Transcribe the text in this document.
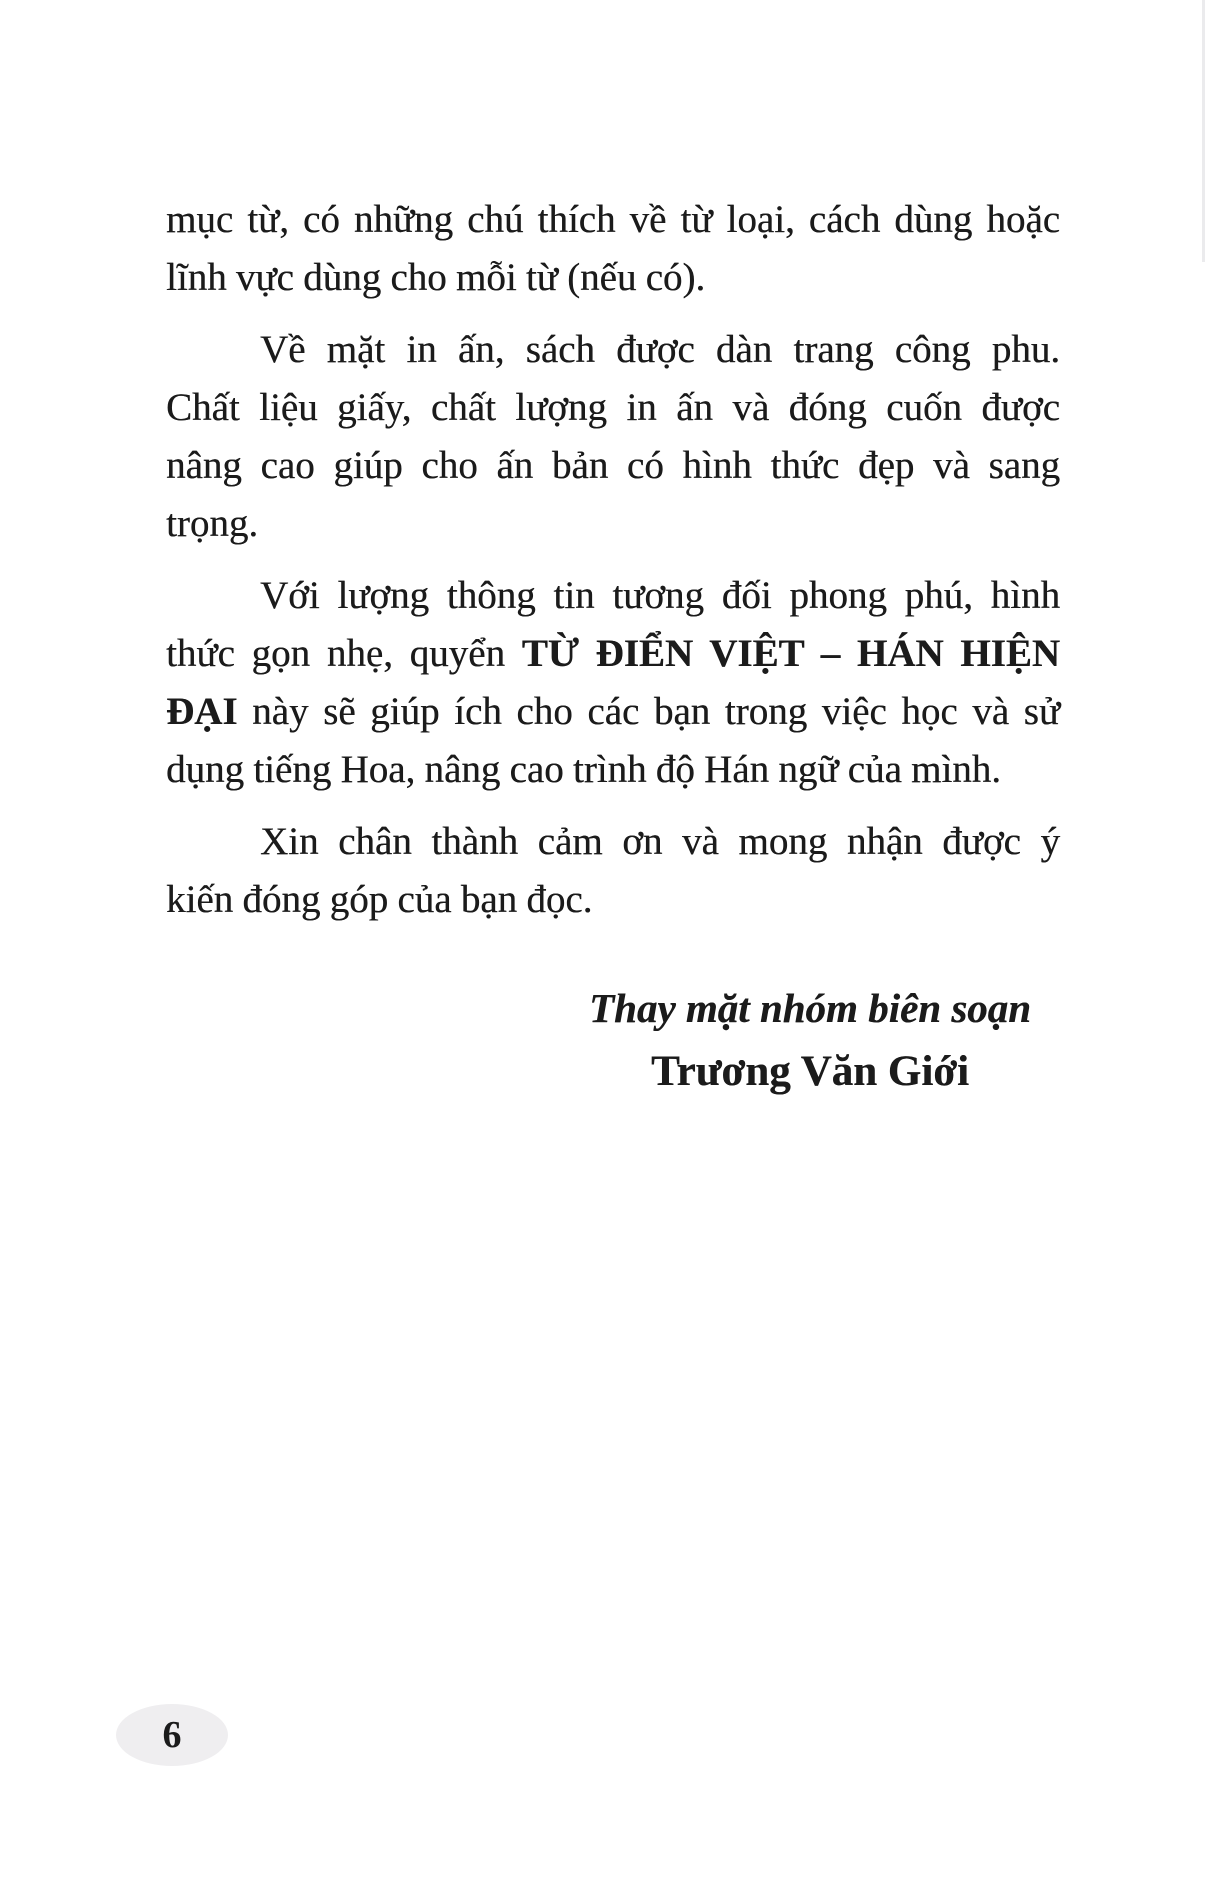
mục từ, có những chú thích về từ loại, cách dùng hoặc
lĩnh vực dùng cho mỗi từ (nếu có).
Về mặt in ấn, sách được dàn trang công phu.
Chất liệu giấy, chất lượng in ấn và đóng cuốn được
nâng cao giúp cho ấn bản có hình thức đẹp và sang
trọng.
Với lượng thông tin tương đối phong phú, hình
thức gọn nhẹ, quyển TỪ ĐIỂN VIỆT – HÁN HIỆN
ĐẠI này sẽ giúp ích cho các bạn trong việc học và sử
dụng tiếng Hoa, nâng cao trình độ Hán ngữ của mình.
Xin chân thành cảm ơn và mong nhận được ý
kiến đóng góp của bạn đọc.
Thay mặt nhóm biên soạn
Trương Văn Giới
6
